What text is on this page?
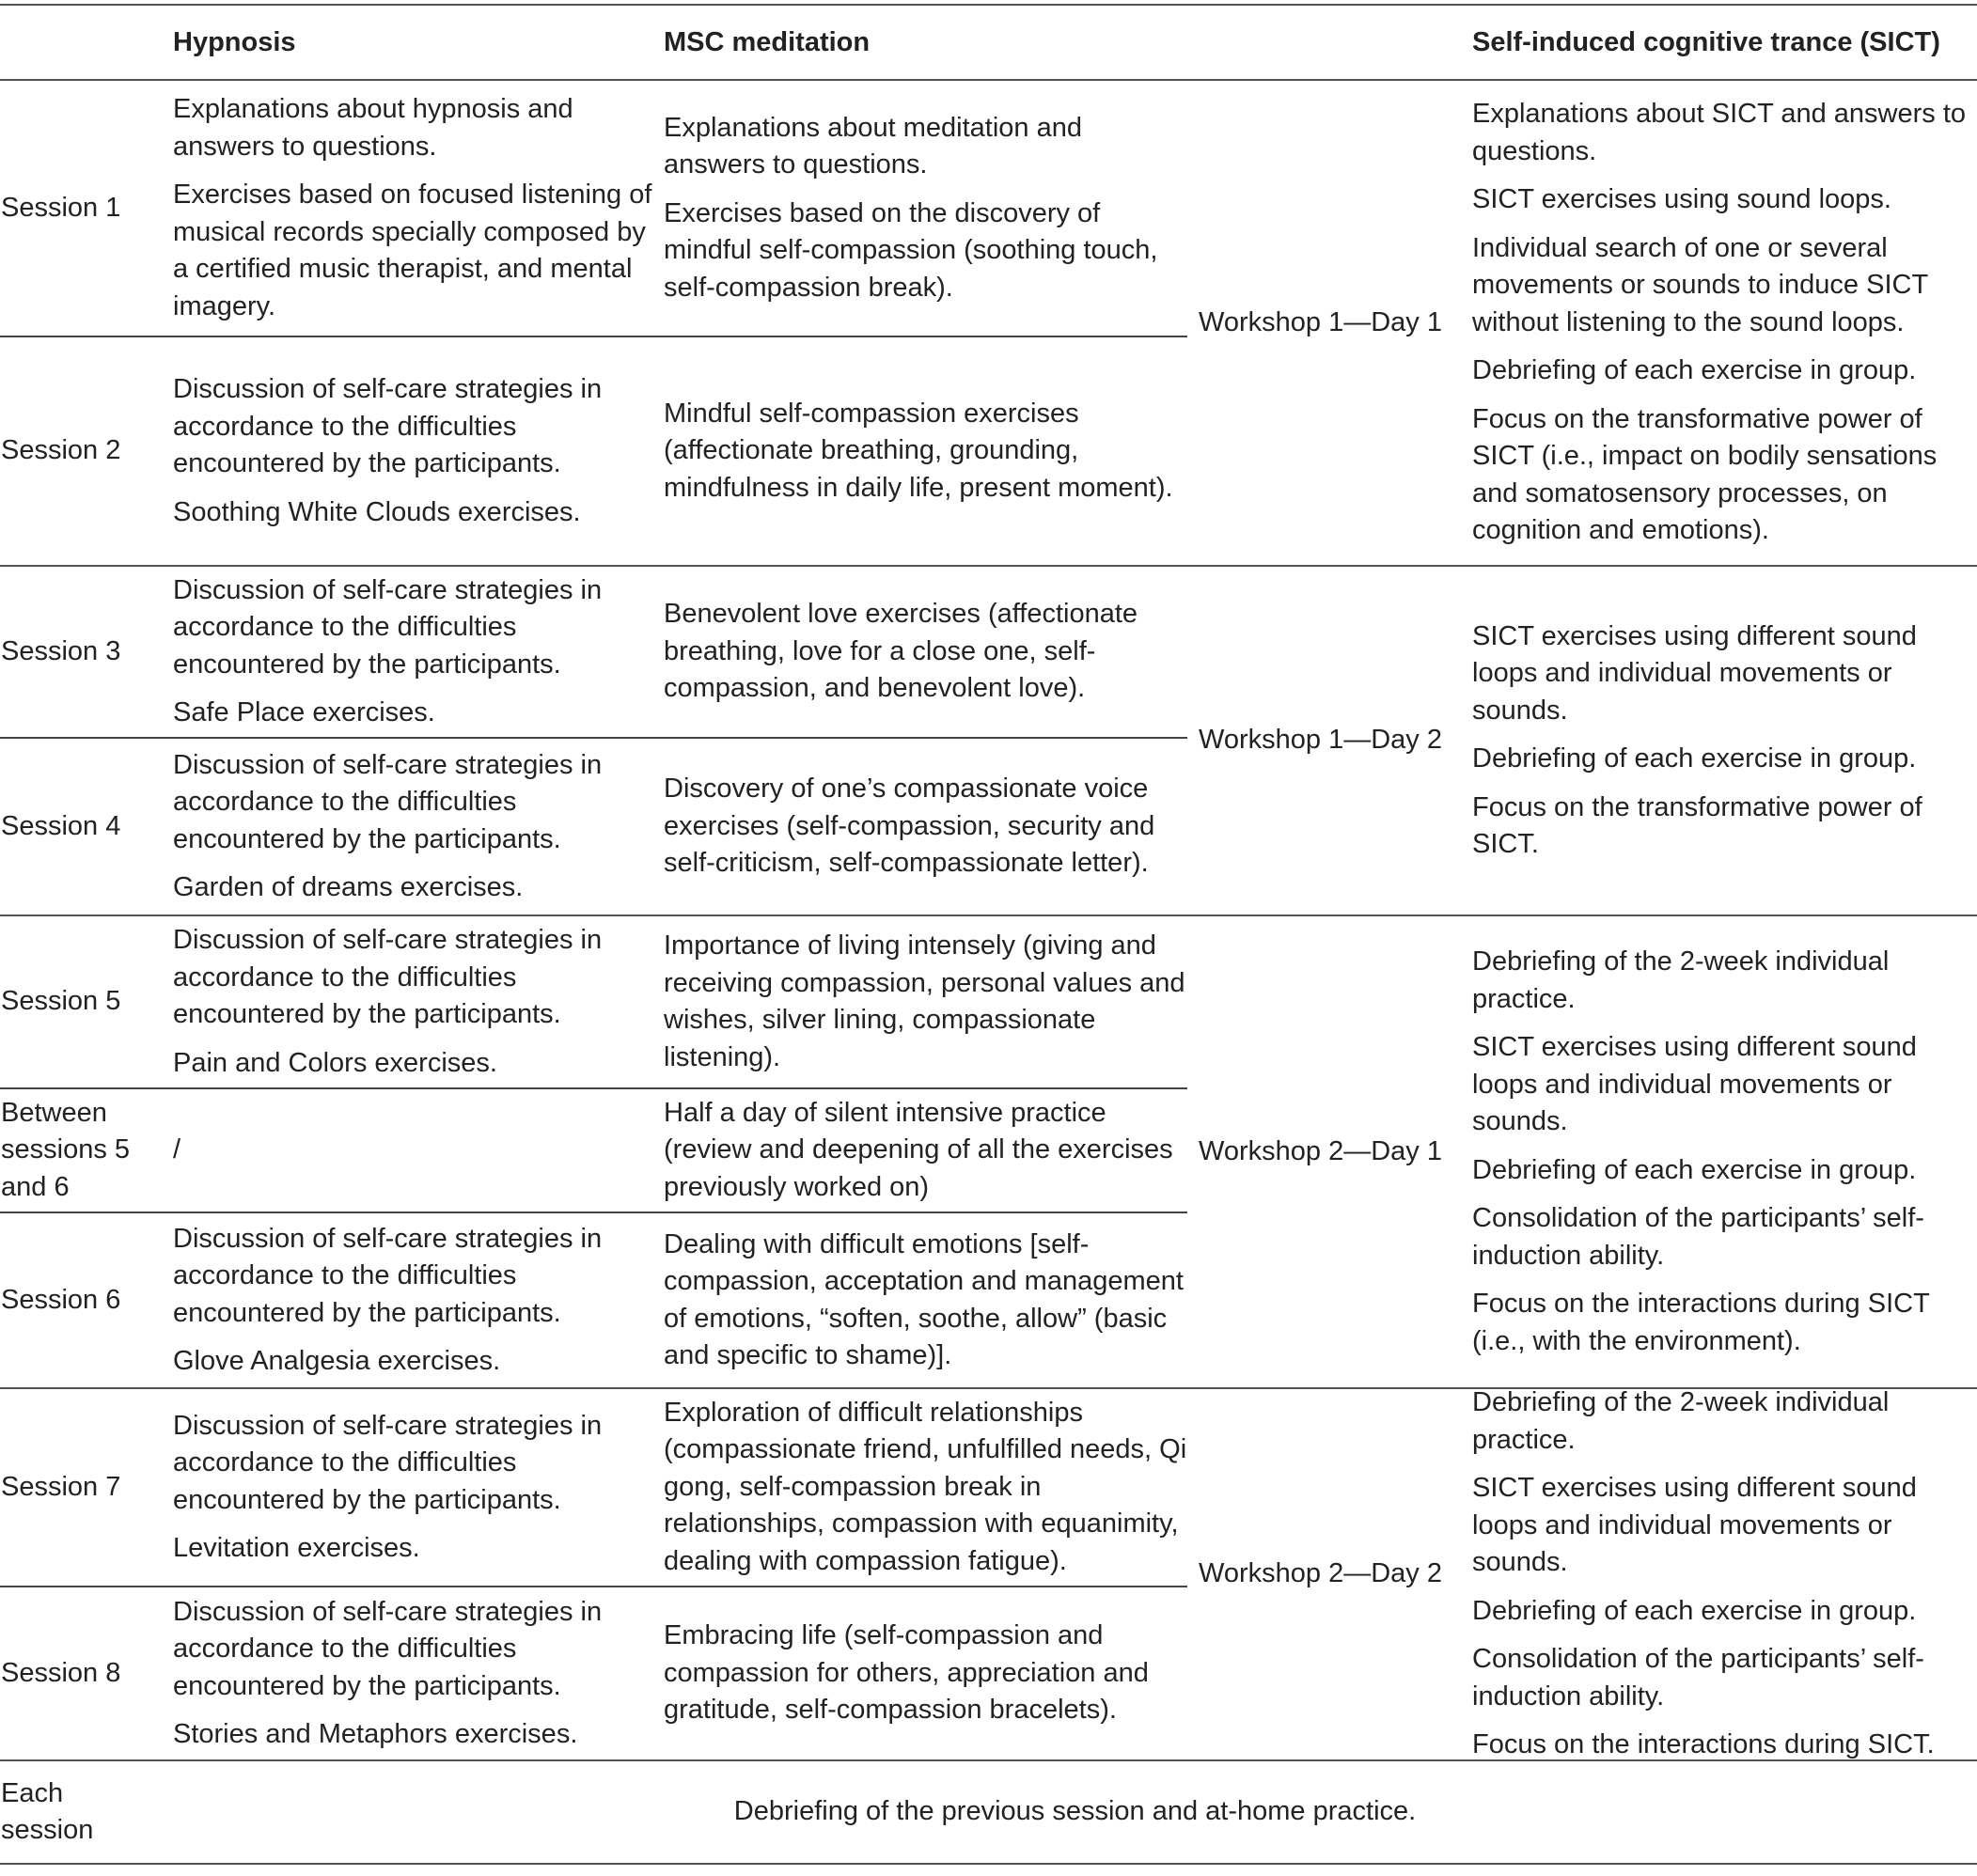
Hypnosis	MSC meditation	Self-induced cognitive trance (SICT)
Session 1

Explanations about hypnosis and answers to questions.

Exercises based on focused listening of musical records specially composed by a certified music therapist, and mental imagery.

Explanations about meditation and answers to questions.

Exercises based on the discovery of mindful self-compassion (soothing touch, self-compassion break).

Session 2

Discussion of self-care strategies in accordance to the difficulties encountered by the participants.

Soothing White Clouds exercises.

Mindful self-compassion exercises (affectionate breathing, grounding, mindfulness in daily life, present moment).

Workshop 1—Day 1

Explanations about SICT and answers to questions.

SICT exercises using sound loops.

Individual search of one or several movements or sounds to induce SICT without listening to the sound loops.

Debriefing of each exercise in group.

Focus on the transformative power of SICT (i.e., impact on bodily sensations and somatosensory processes, on cognition and emotions).

Session 3

Discussion of self-care strategies in accordance to the difficulties encountered by the participants.

Safe Place exercises.

Benevolent love exercises (affectionate breathing, love for a close one, self-compassion, and benevolent love).

Session 4

Discussion of self-care strategies in accordance to the difficulties encountered by the participants.

Garden of dreams exercises.

Discovery of one’s compassionate voice exercises (self-compassion, security and self-criticism, self-compassionate letter).

Workshop 1—Day 2

SICT exercises using different sound loops and individual movements or sounds.

Debriefing of each exercise in group.

Focus on the transformative power of SICT.

Session 5

Discussion of self-care strategies in accordance to the difficulties encountered by the participants.

Pain and Colors exercises.

Importance of living intensely (giving and receiving compassion, personal values and wishes, silver lining, compassionate listening).

Between sessions 5 and 6

/

Half a day of silent intensive practice (review and deepening of all the exercises previously worked on)

Session 6

Discussion of self-care strategies in accordance to the difficulties encountered by the participants.

Glove Analgesia exercises.

Dealing with difficult emotions [self-compassion, acceptation and management of emotions, “soften, soothe, allow” (basic and specific to shame)].

Workshop 2—Day 1

Debriefing of the 2-week individual practice.

SICT exercises using different sound loops and individual movements or sounds.

Debriefing of each exercise in group.

Consolidation of the participants’ self-induction ability.

Focus on the interactions during SICT (i.e., with the environment).

Session 7

Discussion of self-care strategies in accordance to the difficulties encountered by the participants.

Levitation exercises.

Exploration of difficult relationships (compassionate friend, unfulfilled needs, Qi gong, self-compassion break in relationships, compassion with equanimity, dealing with compassion fatigue).

Session 8

Discussion of self-care strategies in accordance to the difficulties encountered by the participants.

Stories and Metaphors exercises.

Embracing life (self-compassion and compassion for others, appreciation and gratitude, self-compassion bracelets).

Workshop 2—Day 2

Debriefing of the 2-week individual practice.

SICT exercises using different sound loops and individual movements or sounds.

Debriefing of each exercise in group.

Consolidation of the participants’ self-induction ability.

Focus on the interactions during SICT.

Each session
Debriefing of the previous session and at-home practice.
